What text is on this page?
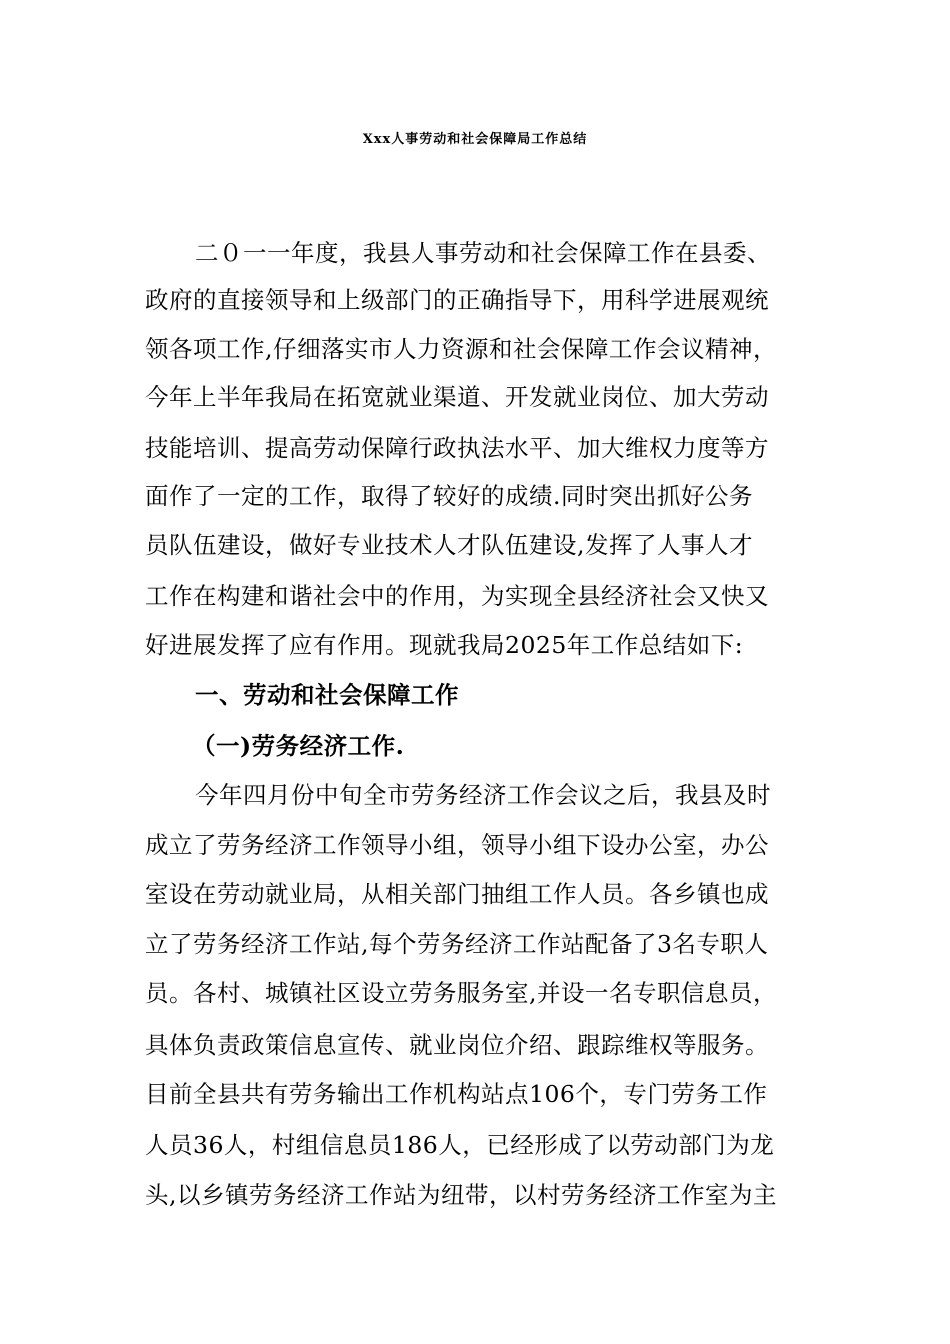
Xxx人事劳动和社会保障局工作总结
二０一一年度，我县人事劳动和社会保障工作在县委、
政府的直接领导和上级部门的正确指导下，用科学进展观统
领各项工作,仔细落实市人力资源和社会保障工作会议精神，
今年上半年我局在拓宽就业渠道、开发就业岗位、加大劳动
技能培训、提高劳动保障行政执法水平、加大维权力度等方
面作了一定的工作，取得了较好的成绩.同时突出抓好公务
员队伍建设，做好专业技术人才队伍建设,发挥了人事人才
工作在构建和谐社会中的作用，为实现全县经济社会又快又
好进展发挥了应有作用。现就我局2025年工作总结如下:
一、劳动和社会保障工作
（一)劳务经济工作.
今年四月份中旬全市劳务经济工作会议之后，我县及时
成立了劳务经济工作领导小组，领导小组下设办公室，办公
室设在劳动就业局，从相关部门抽组工作人员。各乡镇也成
立了劳务经济工作站,每个劳务经济工作站配备了3名专职人
员。各村、城镇社区设立劳务服务室,并设一名专职信息员，
具体负责政策信息宣传、就业岗位介绍、跟踪维权等服务。
目前全县共有劳务输出工作机构站点106个，专门劳务工作
人员36人，村组信息员186人，已经形成了以劳动部门为龙
头,以乡镇劳务经济工作站为纽带，以村劳务经济工作室为主
